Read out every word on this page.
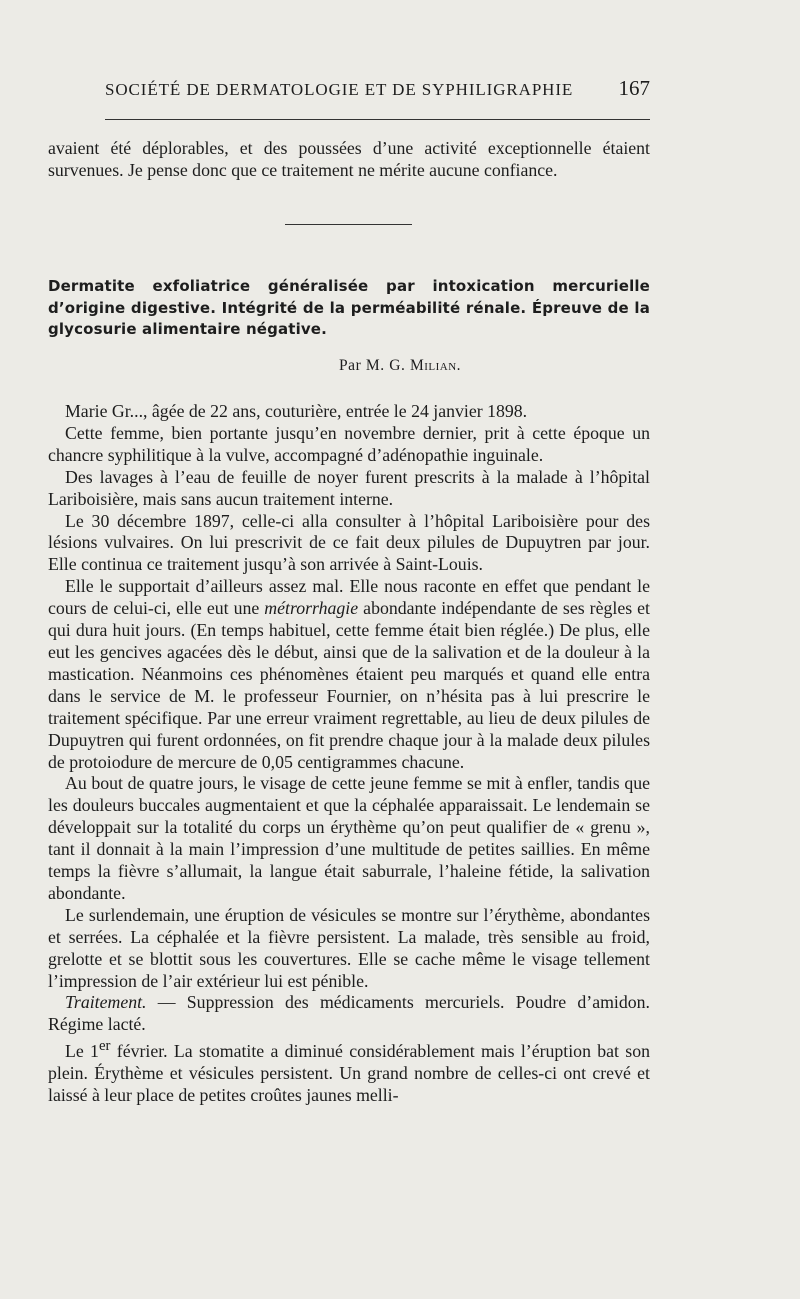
SOCIÉTÉ DE DERMATOLOGIE ET DE SYPHILIGRAPHIE 167

avaient été déplorables, et des poussées d’une activité exceptionnelle étaient survenues. Je pense donc que ce traitement ne mérite aucune confiance.

Dermatite exfoliatrice généralisée par intoxication mercurielle d’origine digestive. Intégrité de la perméabilité rénale. Épreuve de la glycosurie alimentaire négative.
Par M. G. Milian.

Marie Gr..., âgée de 22 ans, couturière, entrée le 24 janvier 1898.

Cette femme, bien portante jusqu’en novembre dernier, prit à cette époque un chancre syphilitique à la vulve, accompagné d’adénopathie inguinale.

Des lavages à l’eau de feuille de noyer furent prescrits à la malade à l’hôpital Lariboisière, mais sans aucun traitement interne.

Le 30 décembre 1897, celle-ci alla consulter à l’hôpital Lariboisière pour des lésions vulvaires. On lui prescrivit de ce fait deux pilules de Dupuytren par jour. Elle continua ce traitement jusqu’à son arrivée à Saint-Louis.

Elle le supportait d’ailleurs assez mal. Elle nous raconte en effet que pendant le cours de celui-ci, elle eut une métrorrhagie abondante indépendante de ses règles et qui dura huit jours. (En temps habituel, cette femme était bien réglée.) De plus, elle eut les gencives agacées dès le début, ainsi que de la salivation et de la douleur à la mastication. Néanmoins ces phénomènes étaient peu marqués et quand elle entra dans le service de M. le professeur Fournier, on n’hésita pas à lui prescrire le traitement spécifique. Par une erreur vraiment regrettable, au lieu de deux pilules de Dupuytren qui furent ordonnées, on fit prendre chaque jour à la malade deux pilules de protoiodure de mercure de 0,05 centigrammes chacune.

Au bout de quatre jours, le visage de cette jeune femme se mit à enfler, tandis que les douleurs buccales augmentaient et que la céphalée apparaissait. Le lendemain se développait sur la totalité du corps un érythème qu’on peut qualifier de « grenu », tant il donnait à la main l’impression d’une multitude de petites saillies. En même temps la fièvre s’allumait, la langue était saburrale, l’haleine fétide, la salivation abondante.

Le surlendemain, une éruption de vésicules se montre sur l’érythème, abondantes et serrées. La céphalée et la fièvre persistent. La malade, très sensible au froid, grelotte et se blottit sous les couvertures. Elle se cache même le visage tellement l’impression de l’air extérieur lui est pénible.

Traitement. — Suppression des médicaments mercuriels. Poudre d’amidon. Régime lacté.

Le 1er février. La stomatite a diminué considérablement mais l’éruption bat son plein. Érythème et vésicules persistent. Un grand nombre de celles-ci ont crevé et laissé à leur place de petites croûtes jaunes melli-
